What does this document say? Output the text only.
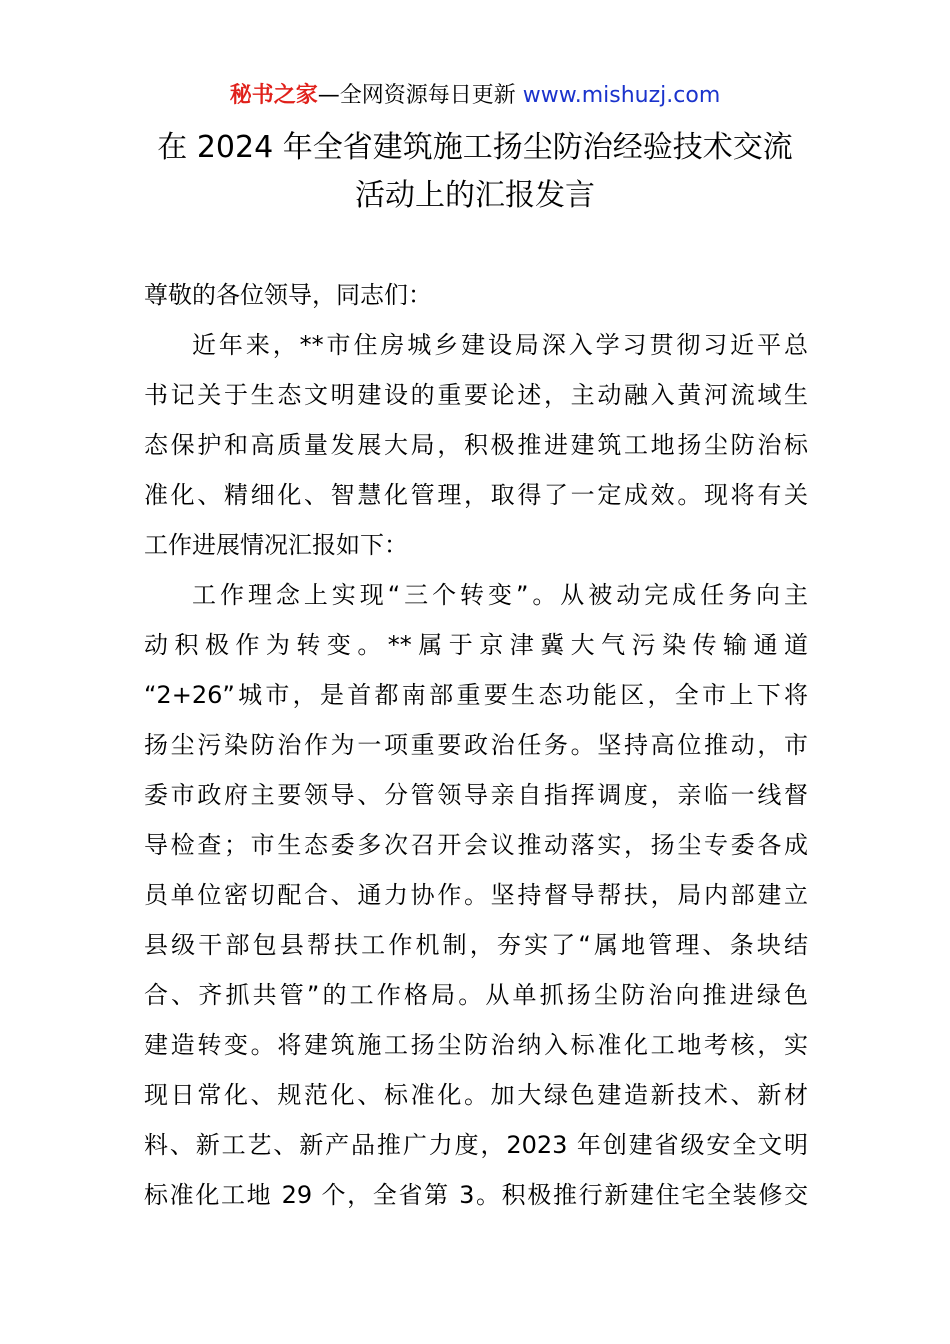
秘书之家—全网资源每日更新 www.mishuzj.com
在 2024 年全省建筑施工扬尘防治经验技术交流
活动上的汇报发言
尊敬的各位领导，同志们：
近年来，**市住房城乡建设局深入学习贯彻习近平总
书记关于生态文明建设的重要论述，主动融入黄河流域生
态保护和高质量发展大局，积极推进建筑工地扬尘防治标
准化、精细化、智慧化管理，取得了一定成效。现将有关
工作进展情况汇报如下：
工作理念上实现“三个转变”。从被动完成任务向主
动积极作为转变。**属于京津冀大气污染传输通道
“2+26”城市，是首都南部重要生态功能区，全市上下将
扬尘污染防治作为一项重要政治任务。坚持高位推动，市
委市政府主要领导、分管领导亲自指挥调度，亲临一线督
导检查；市生态委多次召开会议推动落实，扬尘专委各成
员单位密切配合、通力协作。坚持督导帮扶，局内部建立
县级干部包县帮扶工作机制，夯实了“属地管理、条块结
合、齐抓共管”的工作格局。从单抓扬尘防治向推进绿色
建造转变。将建筑施工扬尘防治纳入标准化工地考核，实
现日常化、规范化、标准化。加大绿色建造新技术、新材
料、新工艺、新产品推广力度，2023 年创建省级安全文明
标准化工地 29 个，全省第 3。积极推行新建住宅全装修交
